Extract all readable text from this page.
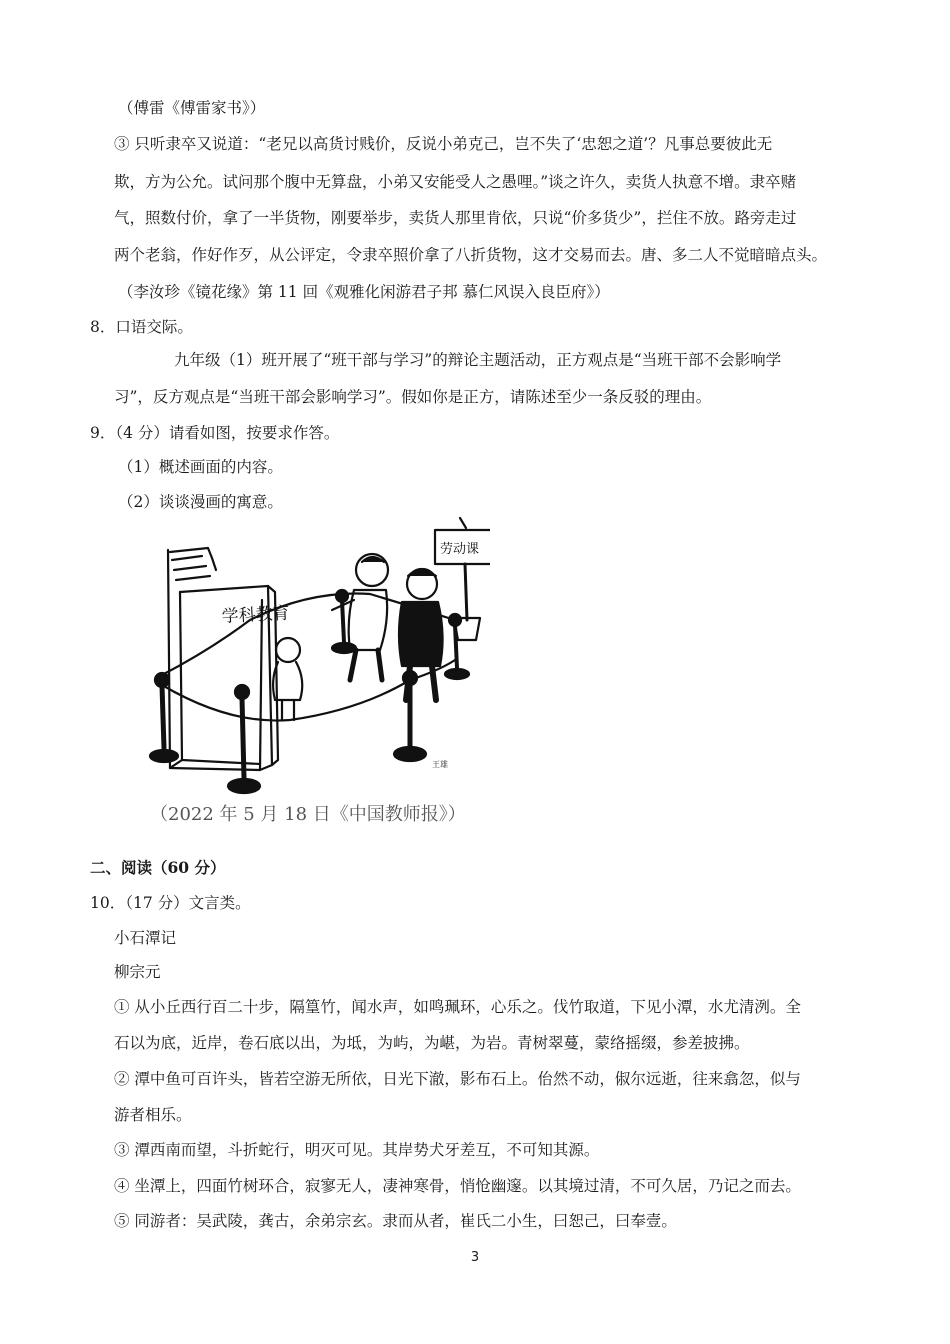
（傅雷《傅雷家书》）
③ 只听隶卒又说道：“老兄以高货讨贱价，反说小弟克己，岂不失了‘忠恕之道’？凡事总要彼此无
欺，方为公允。试问那个腹中无算盘，小弟又安能受人之愚哩。”谈之许久，卖货人执意不增。隶卒赌
气，照数付价，拿了一半货物，刚要举步，卖货人那里肯依，只说“价多货少”，拦住不放。路旁走过
两个老翁，作好作歹，从公评定，令隶卒照价拿了八折货物，这才交易而去。唐、多二人不觉暗暗点头。
（李汝珍《镜花缘》第 11 回《观雅化闲游君子邦 慕仁风误入良臣府》）
8．口语交际。
九年级（1）班开展了“班干部与学习”的辩论主题活动，正方观点是“当班干部不会影响学
习”，反方观点是“当班干部会影响学习”。假如你是正方，请陈述至少一条反驳的理由。
9．（4 分）请看如图，按要求作答。
（1）概述画面的内容。
（2）谈谈漫画的寓意。
学科教育
劳动课
王雄
（2022 年 5 月 18 日《中国教师报》）
二、阅读（60 分）
10．（17 分）文言类。
小石潭记
柳宗元
① 从小丘西行百二十步，隔篁竹，闻水声，如鸣珮环，心乐之。伐竹取道，下见小潭，水尤清洌。全
石以为底，近岸，卷石底以出，为坻，为屿，为嵁，为岩。青树翠蔓，蒙络摇缀，参差披拂。
② 潭中鱼可百许头，皆若空游无所依，日光下澈，影布石上。佁然不动，俶尔远逝，往来翕忽，似与
游者相乐。
③ 潭西南而望，斗折蛇行，明灭可见。其岸势犬牙差互，不可知其源。
④ 坐潭上，四面竹树环合，寂寥无人，凄神寒骨，悄怆幽邃。以其境过清，不可久居，乃记之而去。
⑤ 同游者：吴武陵，龚古，余弟宗玄。隶而从者，崔氏二小生，曰恕己，曰奉壹。
3
